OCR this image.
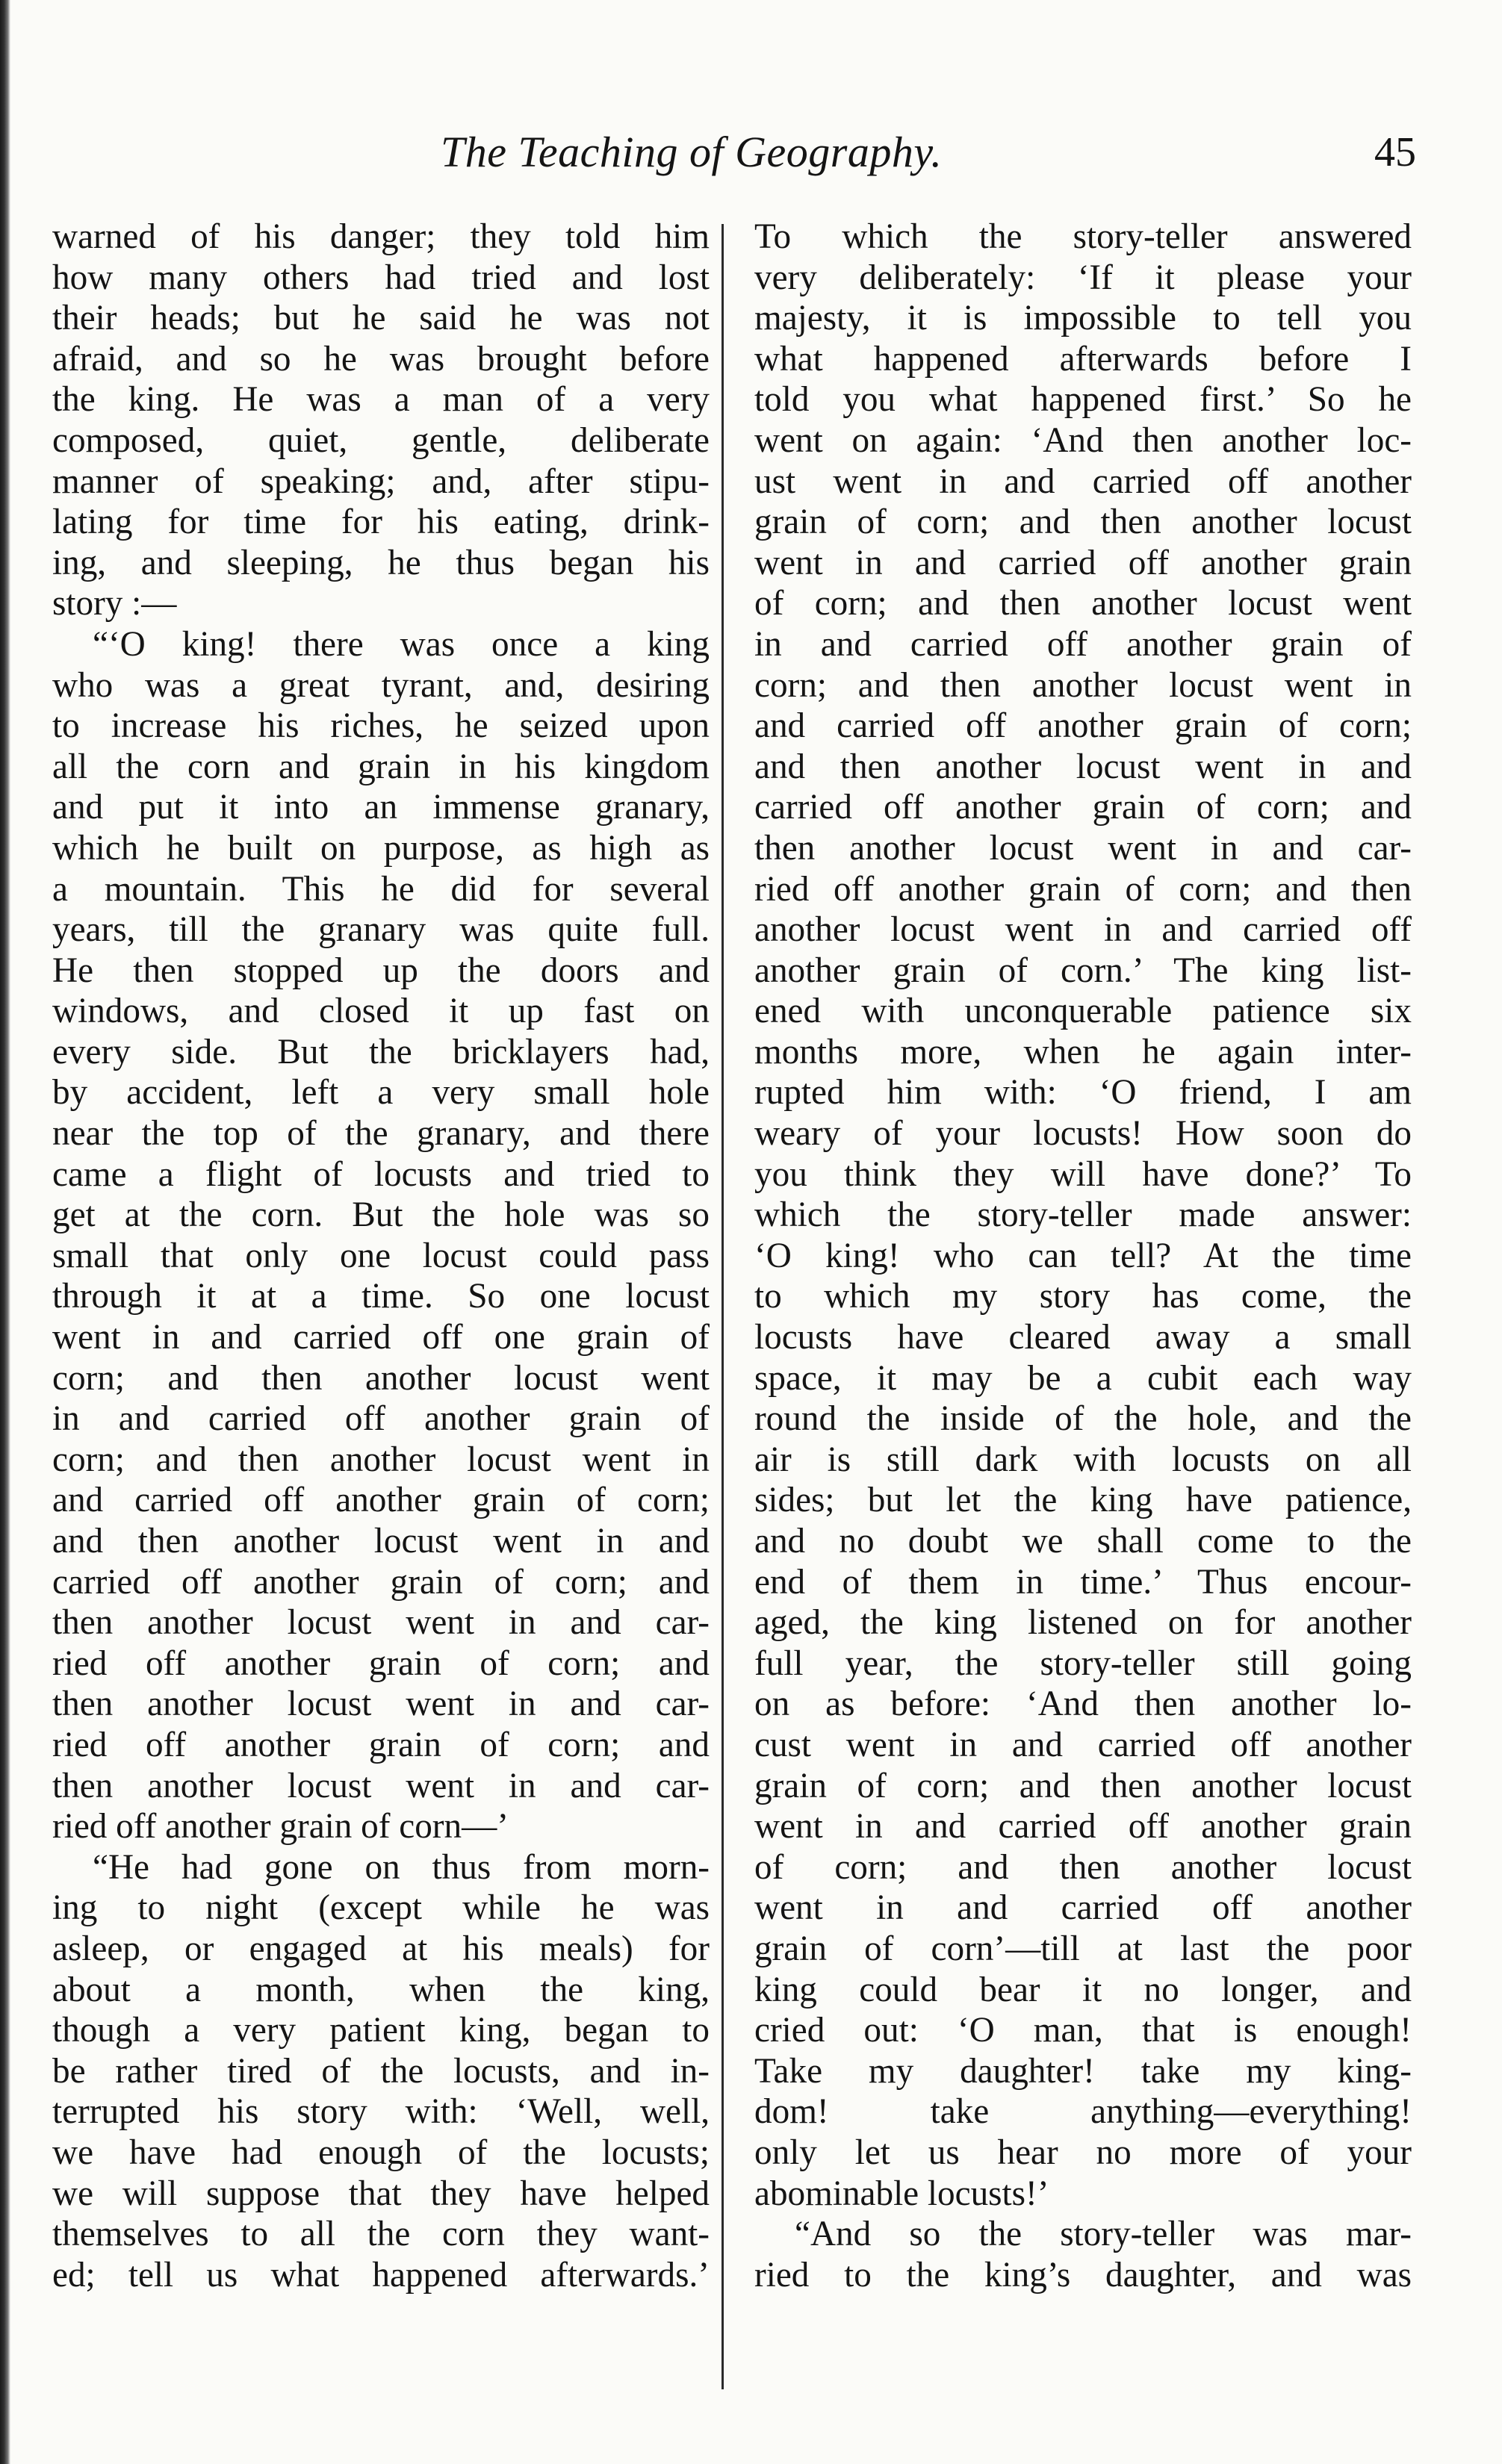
The Teaching of Geography.	45
warned of his danger; they told him
how many others had tried and lost
their heads; but he said he was not
afraid, and so he was brought before
the king. He was a man of a very
composed, quiet, gentle, deliberate
manner of speaking; and, after stipu-
lating for time for his eating, drink-
ing, and sleeping, he thus began his
story :—
“‘O king! there was once a king
who was a great tyrant, and, desiring
to increase his riches, he seized upon
all the corn and grain in his kingdom
and put it into an immense granary,
which he built on purpose, as high as
a mountain. This he did for several
years, till the granary was quite full.
He then stopped up the doors and
windows, and closed it up fast on
every side. But the bricklayers had,
by accident, left a very small hole
near the top of the granary, and there
came a flight of locusts and tried to
get at the corn. But the hole was so
small that only one locust could pass
through it at a time. So one locust
went in and carried off one grain of
corn; and then another locust went
in and carried off another grain of
corn; and then another locust went in
and carried off another grain of corn;
and then another locust went in and
carried off another grain of corn; and
then another locust went in and car-
ried off another grain of corn; and
then another locust went in and car-
ried off another grain of corn; and
then another locust went in and car-
ried off another grain of corn—’
“He had gone on thus from morn-
ing to night (except while he was
asleep, or engaged at his meals) for
about a month, when the king,
though a very patient king, began to
be rather tired of the locusts, and in-
terrupted his story with: ‘Well, well,
we have had enough of the locusts;
we will suppose that they have helped
themselves to all the corn they want-
ed; tell us what happened afterwards.’
To which the story-teller answered
very deliberately: ‘If it please your
majesty, it is impossible to tell you
what happened afterwards before I
told you what happened first.’ So he
went on again: ‘And then another loc-
ust went in and carried off another
grain of corn; and then another locust
went in and carried off another grain
of corn; and then another locust went
in and carried off another grain of
corn; and then another locust went in
and carried off another grain of corn;
and then another locust went in and
carried off another grain of corn; and
then another locust went in and car-
ried off another grain of corn; and then
another locust went in and carried off
another grain of corn.’ The king list-
ened with unconquerable patience six
months more, when he again inter-
rupted him with: ‘O friend, I am
weary of your locusts! How soon do
you think they will have done?’ To
which the story-teller made answer:
‘O king! who can tell? At the time
to which my story has come, the
locusts have cleared away a small
space, it may be a cubit each way
round the inside of the hole, and the
air is still dark with locusts on all
sides; but let the king have patience,
and no doubt we shall come to the
end of them in time.’ Thus encour-
aged, the king listened on for another
full year, the story-teller still going
on as before: ‘And then another lo-
cust went in and carried off another
grain of corn; and then another locust
went in and carried off another grain
of corn; and then another locust
went in and carried off another
grain of corn’—till at last the poor
king could bear it no longer, and
cried out: ‘O man, that is enough!
Take my daughter! take my king-
dom! take anything—everything!
only let us hear no more of your
abominable locusts!’
“And so the story-teller was mar-
ried to the king’s daughter, and was
